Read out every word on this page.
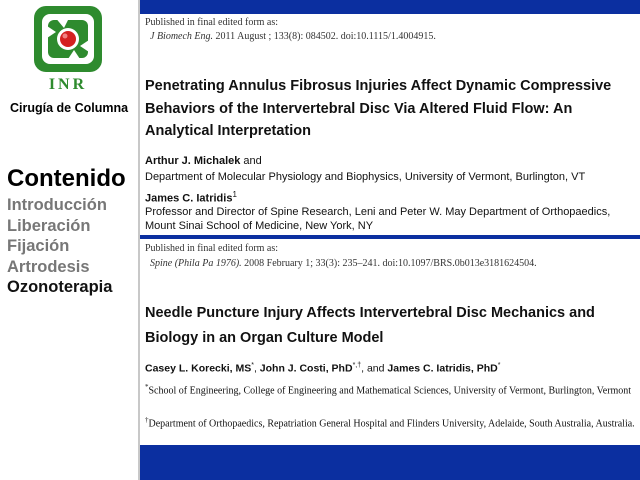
INR
Cirugía de Columna
Contenido
Introducción
Liberación
Fijación
Artrodesis
Ozonoterapia
Published in final edited form as:
J Biomech Eng. 2011 August ; 133(8): 084502. doi:10.1115/1.4004915.
Penetrating Annulus Fibrosus Injuries Affect Dynamic Compressive Behaviors of the Intervertebral Disc Via Altered Fluid Flow: An Analytical Interpretation
Arthur J. Michalek and
Department of Molecular Physiology and Biophysics, University of Vermont, Burlington, VT
James C. Iatridis$^1$
Professor and Director of Spine Research, Leni and Peter W. May Department of Orthopaedics, Mount Sinai School of Medicine, New York, NY
Published in final edited form as:
Spine (Phila Pa 1976). 2008 February 1; 33(3): 235–241. doi:10.1097/BRS.0b013e3181624504.
Needle Puncture Injury Affects Intervertebral Disc Mechanics and Biology in an Organ Culture Model
Casey L. Korecki, MS*, John J. Costi, PhD*,†, and James C. Iatridis, PhD*
*School of Engineering, College of Engineering and Mathematical Sciences, University of Vermont, Burlington, Vermont
†Department of Orthopaedics, Repatriation General Hospital and Flinders University, Adelaide, South Australia, Australia.
